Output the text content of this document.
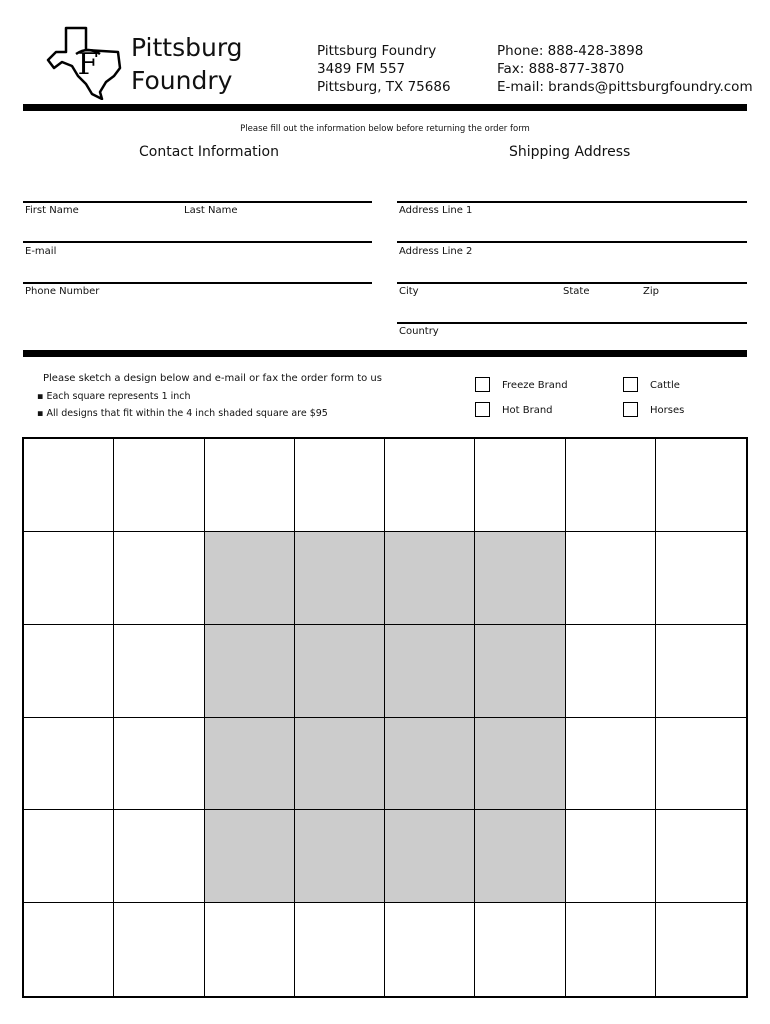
F Pittsburg
Foundry
Pittsburg Foundry
3489 FM 557
Pittsburg, TX 75686
Phone: 888-428-3898
Fax: 888-877-3870
E-mail: brands@pittsburgfoundry.com
Please fill out the information below before returning the order form
Contact Information	Shipping Address
First Name	Last Name
E-mail
Phone Number
Address Line 1
Address Line 2
City	State	Zip
Country
Please sketch a design below and e-mail or fax the order form to us
▪ Each square represents 1 inch
▪ All designs that fit within the 4 inch shaded square are $95
Freeze Brand
Hot Brand
Cattle
Horses
